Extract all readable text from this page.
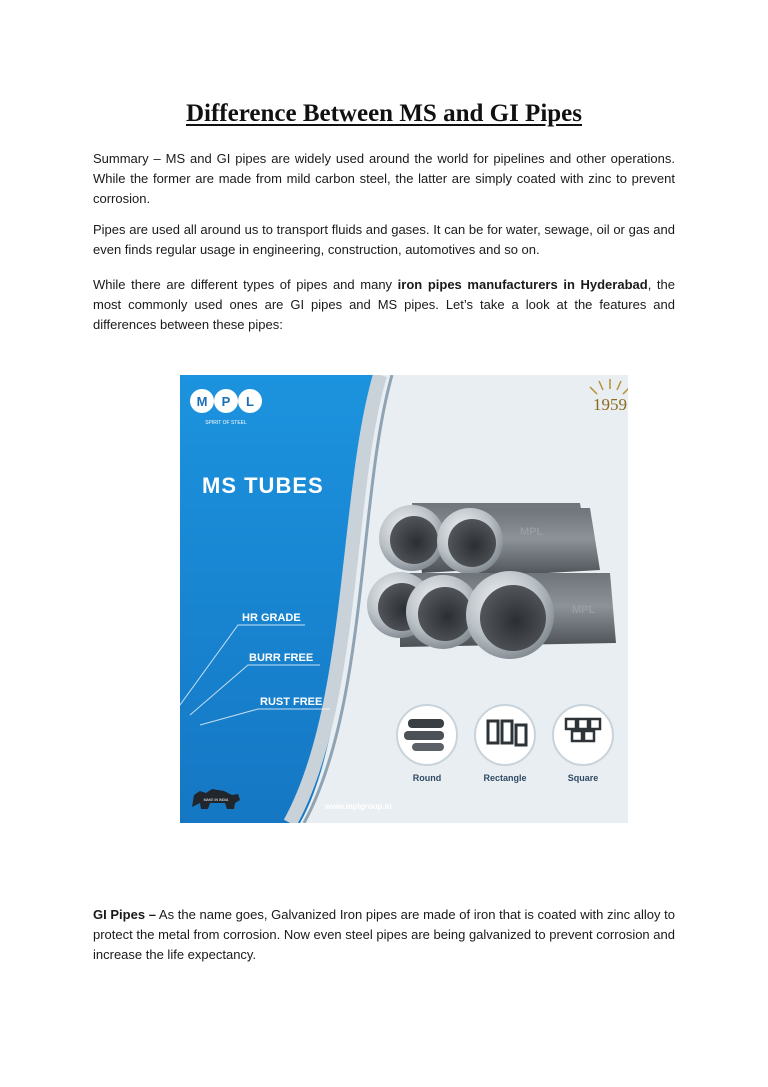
Difference Between MS and GI Pipes

Summary – MS and GI pipes are widely used around the world for pipelines and other operations. While the former are made from mild carbon steel, the latter are simply coated with zinc to prevent corrosion.

Pipes are used all around us to transport fluids and gases. It can be for water, sewage, oil or gas and even finds regular usage in engineering, construction, automotives and so on.

While there are different types of pipes and many iron pipes manufacturers in Hyderabad, the most commonly used ones are GI pipes and MS pipes. Let’s take a look at the features and differences between these pipes:

M P L
SPIRIT OF STEEL
1959
MS TUBES
HR GRADE
BURR FREE
RUST FREE
MPL
MPL
Round	Rectangle	Square
MAKE IN INDIA
www.mplgroup.in

GI Pipes – As the name goes, Galvanized Iron pipes are made of iron that is coated with zinc alloy to protect the metal from corrosion. Now even steel pipes are being galvanized to prevent corrosion and increase the life expectancy.
